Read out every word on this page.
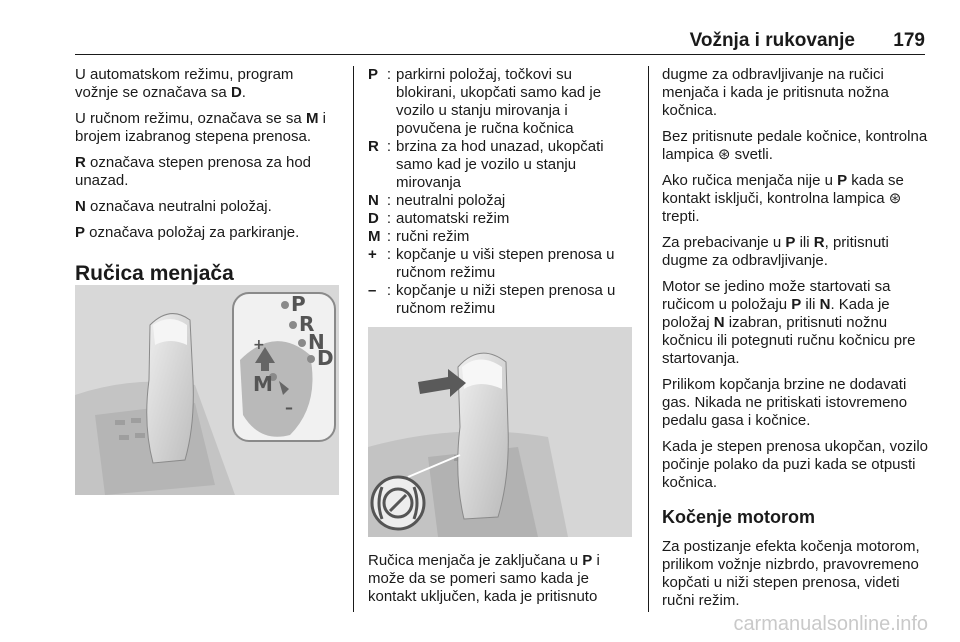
Vožnja i rukovanje 179

U automatskom režimu, program vožnje se označava sa D.

U ručnom režimu, označava se sa M i brojem izabranog stepena prenosa.

R označava stepen prenosa za hod unazad.

N označava neutralni položaj.

P označava položaj za parkiranje.

Ručica menjača
P
R
N
D
M
+
–
P : parkirni položaj, točkovi su blokirani, ukopčati samo kad je vozilo u stanju mirovanja i povučena je ručna kočnica
R : brzina za hod unazad, ukopčati samo kad je vozilo u stanju mirovanja
N : neutralni položaj
D : automatski režim
M : ručni režim
+ : kopčanje u viši stepen prenosa u ručnom režimu
– : kopčanje u niži stepen prenosa u ručnom režimu
Ručica menjača je zaključana u P i može da se pomeri samo kada je kontakt uključen, kada je pritisnuto

dugme za odbravljivanje na ručici menjača i kada je pritisnuta nožna kočnica.

Bez pritisnute pedale kočnice, kontrolna lampica ⊛ svetli.

Ako ručica menjača nije u P kada se kontakt isključi, kontrolna lampica ⊛ trepti.

Za prebacivanje u P ili R, pritisnuti dugme za odbravljivanje.

Motor se jedino može startovati sa ručicom u položaju P ili N. Kada je položaj N izabran, pritisnuti nožnu kočnicu ili potegnuti ručnu kočnicu pre startovanja.

Prilikom kopčanja brzine ne dodavati gas. Nikada ne pritiskati istovremeno pedalu gasa i kočnice.

Kada je stepen prenosa ukopčan, vozilo počinje polako da puzi kada se otpusti kočnica.

Kočenje motorom

Za postizanje efekta kočenja motorom, prilikom vožnje nizbrdo, pravovremeno kopčati u niži stepen prenosa, videti ručni režim.

carmanualsonline.info
